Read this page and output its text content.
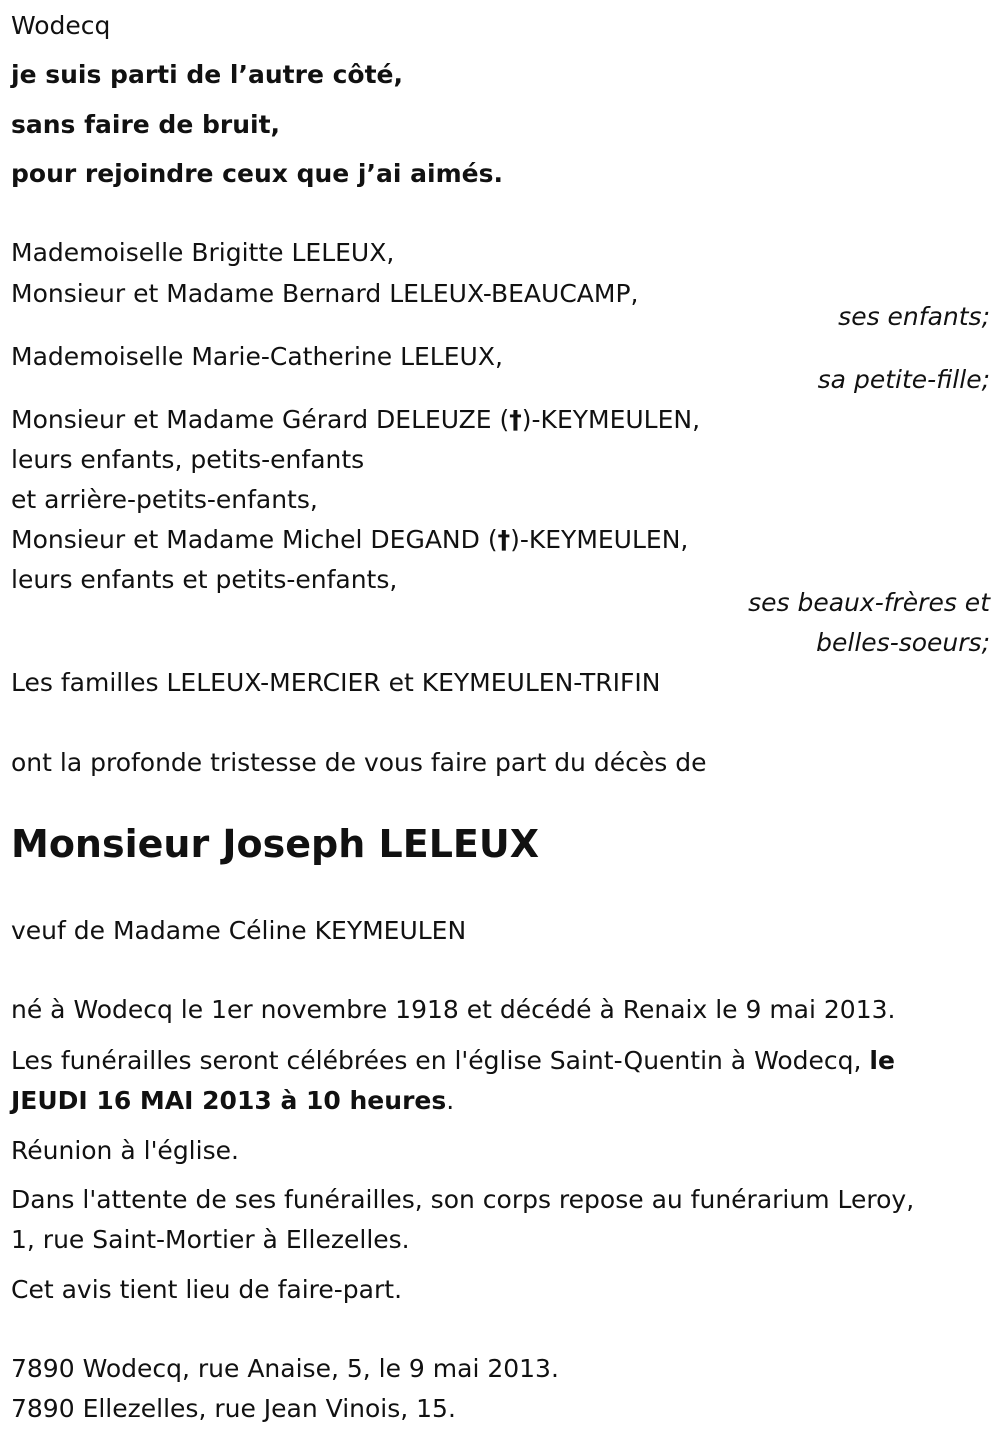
Wodecq
je suis parti de l’autre côté,
sans faire de bruit,
pour rejoindre ceux que j’ai aimés.
Mademoiselle Brigitte LELEUX,
Monsieur et Madame Bernard LELEUX-BEAUCAMP,
ses enfants;
Mademoiselle Marie-Catherine LELEUX,
sa petite-fille;
Monsieur et Madame Gérard DELEUZE (†)-KEYMEULEN,
leurs enfants, petits-enfants
et arrière-petits-enfants,
Monsieur et Madame Michel DEGAND (†)-KEYMEULEN,
leurs enfants et petits-enfants,
ses beaux-frères et
belles-soeurs;
Les familles LELEUX-MERCIER et KEYMEULEN-TRIFIN
ont la profonde tristesse de vous faire part du décès de
Monsieur Joseph LELEUX
veuf de Madame Céline KEYMEULEN
né à Wodecq le 1er novembre 1918 et décédé à Renaix le 9 mai 2013.
Les funérailles seront célébrées en l'église Saint-Quentin à Wodecq, le
JEUDI 16 MAI 2013 à 10 heures.
Réunion à l'église.
Dans l'attente de ses funérailles, son corps repose au funérarium Leroy,
1, rue Saint-Mortier à Ellezelles.
Cet avis tient lieu de faire-part.
7890 Wodecq, rue Anaise, 5, le 9 mai 2013.
7890 Ellezelles, rue Jean Vinois, 15.
